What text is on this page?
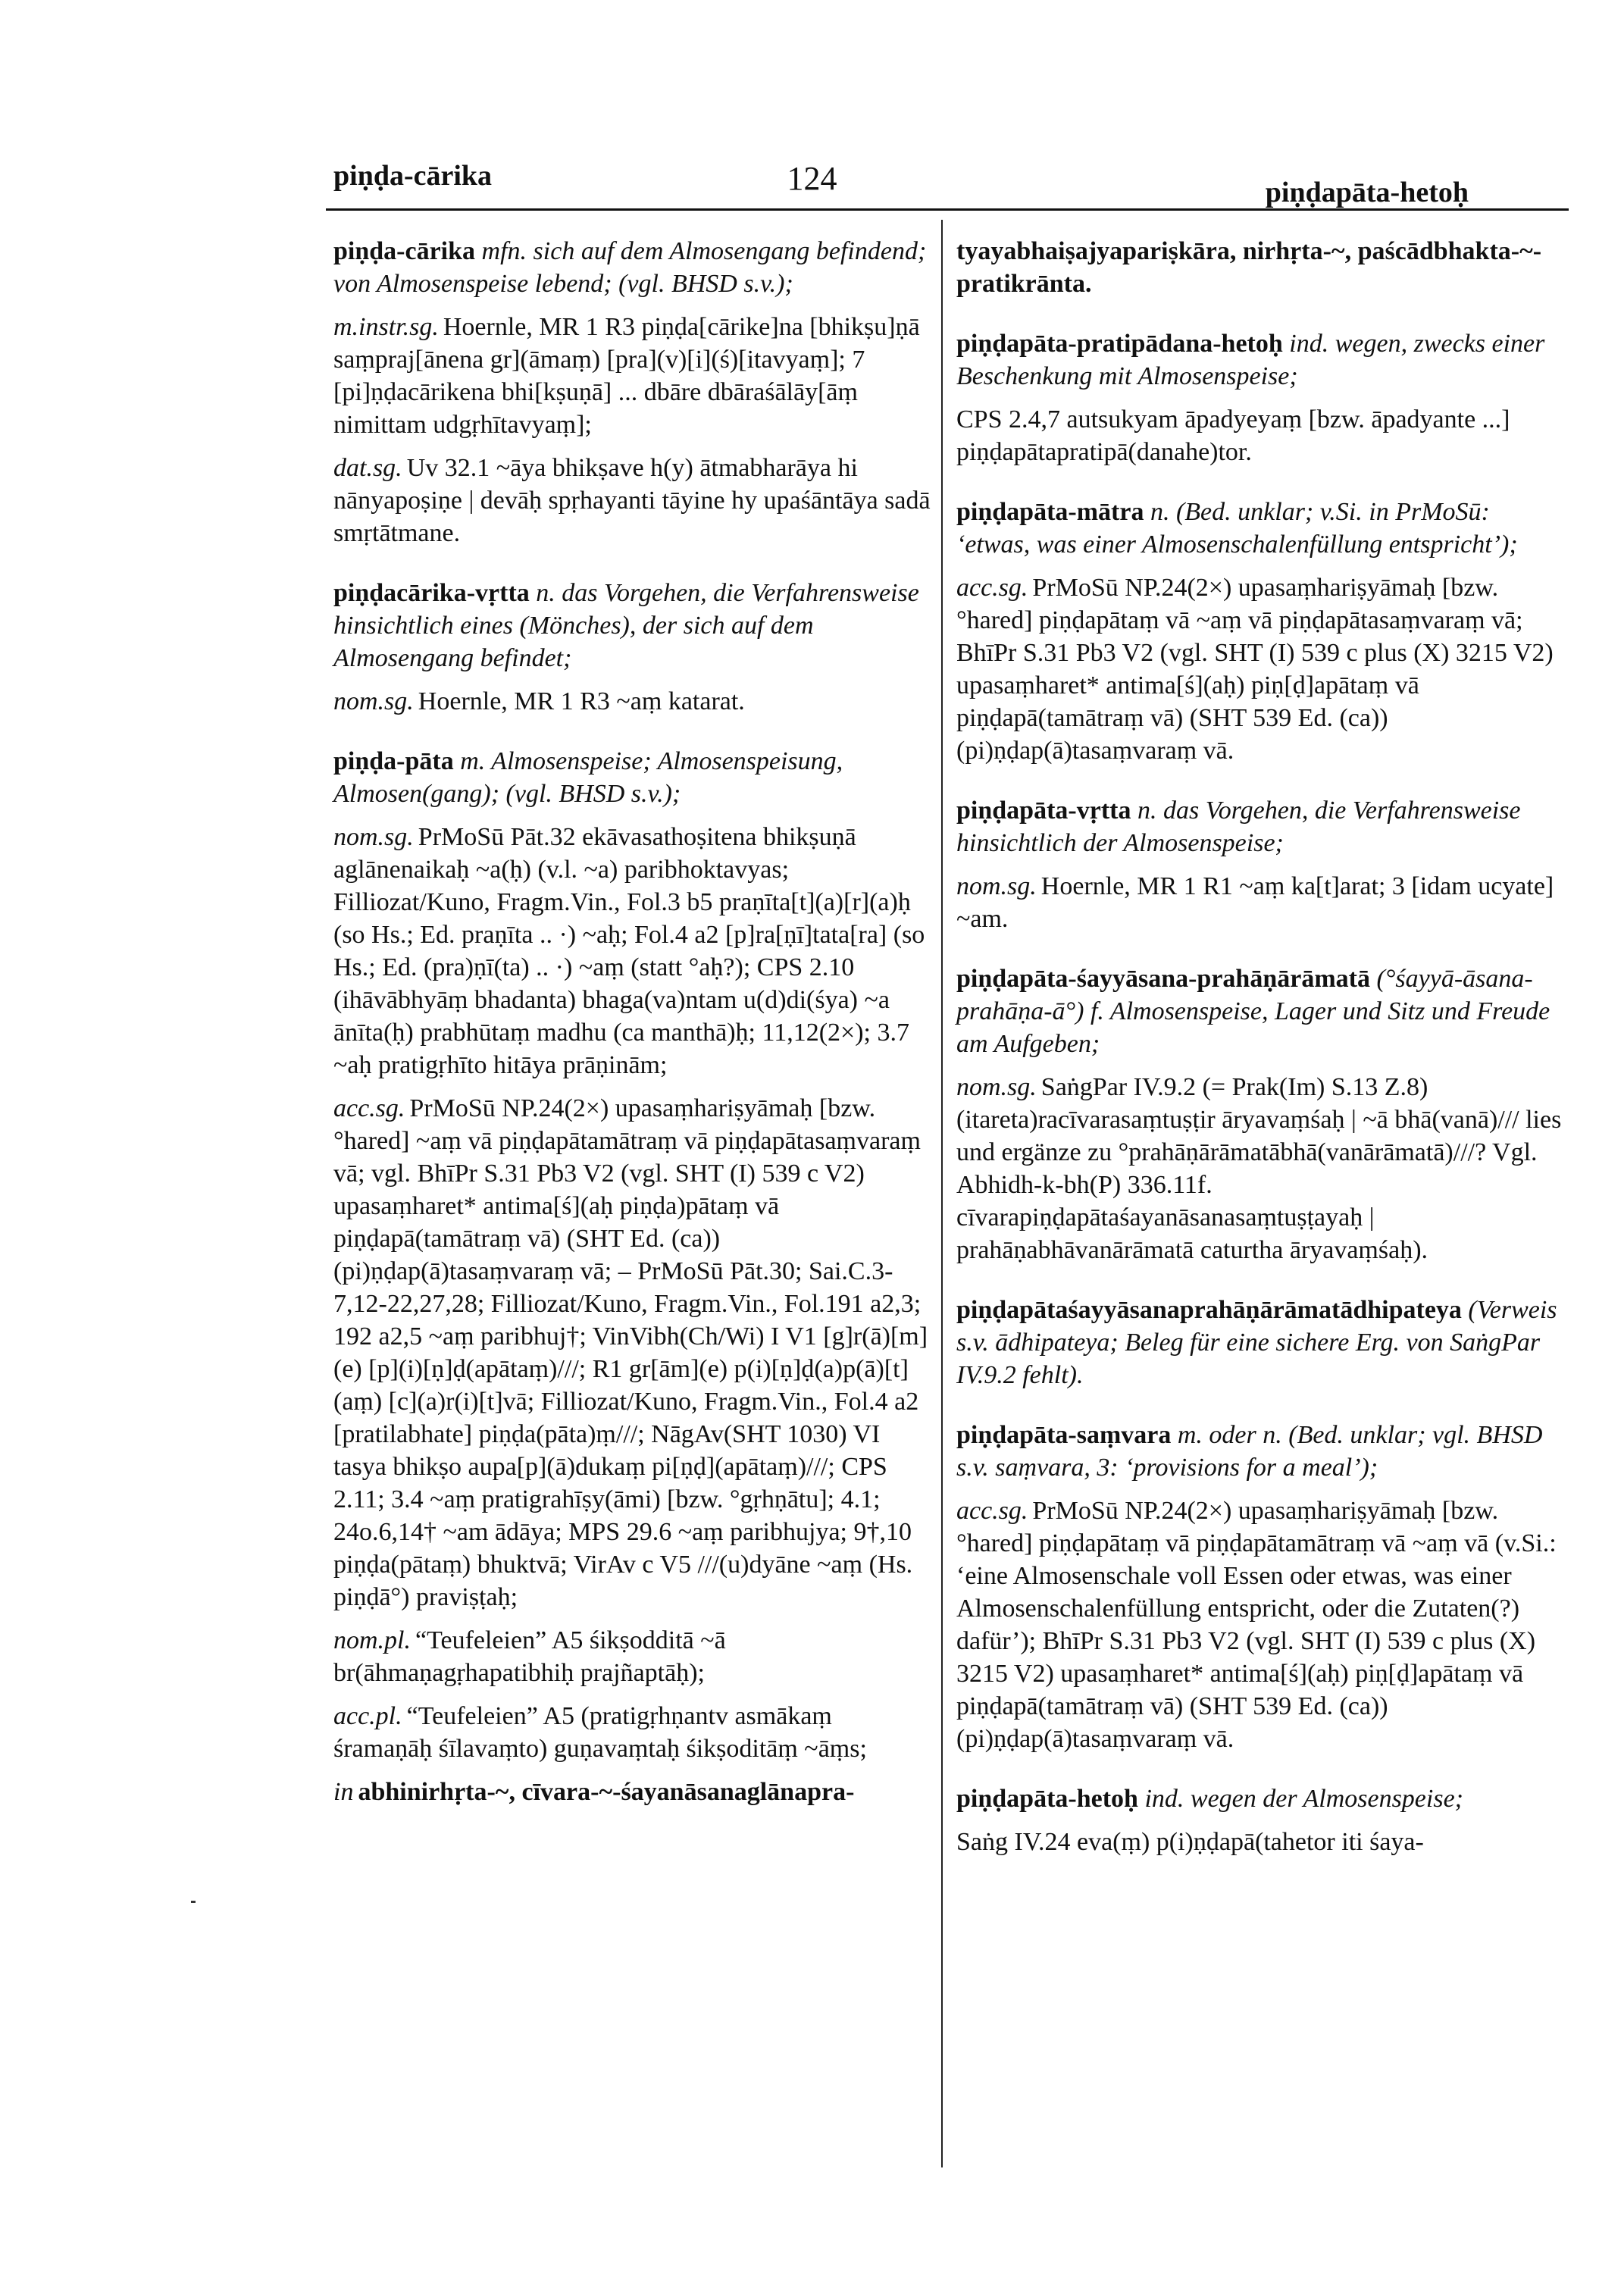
piṇḍa-cārika	124	piṇḍapāta-hetoḥ

piṇḍa-cārika mfn. sich auf dem Almosengang befindend; von Almosenspeise lebend; (vgl. BHSD s.v.);

m.instr.sg. Hoernle, MR 1 R3 piṇḍa[cārike]na [bhikṣu]ṇā saṃpraj[ānena gr](āmaṃ) [pra](v)[i](ś)[itavyaṃ]; 7 [pi]ṇḍacārikena bhi[kṣuṇā] ... dbāre dbāraśālāy[āṃ nimittam udgṛhītavyaṃ];

dat.sg. Uv 32.1 ~āya bhikṣave h(y) ātmabharāya hi nānyapoṣiṇe | devāḥ spṛhayanti tāyine hy upaśāntāya sadā smṛtātmane.

piṇḍacārika-vṛtta n. das Vorgehen, die Verfahrensweise hinsichtlich eines (Mönches), der sich auf dem Almosengang befindet;

nom.sg. Hoernle, MR 1 R3 ~aṃ katarat.

piṇḍa-pāta m. Almosenspeise; Almosenspeisung, Almosen(gang); (vgl. BHSD s.v.);

nom.sg. PrMoSū Pāt.32 ekāvasathoṣitena bhikṣuṇā aglānenaikaḥ ~a(ḥ) (v.l. ~a) paribhoktavyas; Filliozat/Kuno, Fragm.Vin., Fol.3 b5 praṇīta[t](a)[r](a)ḥ (so Hs.; Ed. praṇīta .. ·) ~aḥ; Fol.4 a2 [p]ra[ṇī]tata[ra] (so Hs.; Ed. (pra)ṇī(ta) .. ·) ~aṃ (statt °aḥ?); CPS 2.10 (ihāvābhyāṃ bhadanta) bhaga(va)ntam u(d)di(śya) ~a ānīta(ḥ) prabhūtaṃ madhu (ca manthā)ḥ; 11,12(2×); 3.7 ~aḥ pratigṛhīto hitāya prāṇinām;

acc.sg. PrMoSū NP.24(2×) upasaṃhariṣyāmaḥ [bzw. °hared] ~aṃ vā piṇḍapātamātraṃ vā piṇḍapātasaṃvaraṃ vā; vgl. BhīPr S.31 Pb3 V2 (vgl. SHT (I) 539 c V2) upasaṃharet* antima[ś](aḥ piṇḍa)pātaṃ vā piṇḍapā(tamātraṃ vā) (SHT Ed. (ca)) (pi)ṇḍap(ā)tasaṃvaraṃ vā; – PrMoSū Pāt.30; Sai.C.3-7,12-22,27,28; Filliozat/Kuno, Fragm.Vin., Fol.191 a2,3; 192 a2,5 ~aṃ paribhuj†; VinVibh(Ch/Wi) I V1 [g]r(ā)[m](e) [p](i)[ṇ]ḍ(apātaṃ)///; R1 gr[ām](e) p(i)[ṇ]ḍ(a)p(ā)[t](aṃ) [c](a)r(i)[t]vā; Filliozat/Kuno, Fragm.Vin., Fol.4 a2 [pratilabhate] piṇḍa(pāta)ṃ///; NāgAv(SHT 1030) VI tasya bhikṣo aupa[p](ā)dukaṃ pi[ṇḍ](apātaṃ)///; CPS 2.11; 3.4 ~aṃ pratigrahīṣy(āmi) [bzw. °gṛhṇātu]; 4.1; 24o.6,14† ~am ādāya; MPS 29.6 ~aṃ paribhujya; 9†,10 piṇḍa(pātaṃ) bhuktvā; VirAv c V5 ///(u)dyāne ~aṃ (Hs. piṇḍā°) praviṣṭaḥ;

nom.pl. “Teufeleien” A5 śikṣodditā ~ā br(āhmaṇagṛhapatibhiḥ prajñaptāḥ);

acc.pl. “Teufeleien” A5 (pratigṛhṇantv asmākaṃ śramaṇāḥ śīlavaṃto) guṇavaṃtaḥ śikṣoditāṃ ~āṃs;

in abhinirhṛta-~, cīvara-~-śayanāsanaglānapra-

tyayabhaiṣajyapariṣkāra, nirhṛta-~, paścādbhakta-~-pratikrānta.

piṇḍapāta-pratipādana-hetoḥ ind. wegen, zwecks einer Beschenkung mit Almosenspeise;

CPS 2.4,7 autsukyam āpadyeyaṃ [bzw. āpadyante ...] piṇḍapātapratipā(danahe)tor.

piṇḍapāta-mātra n. (Bed. unklar; v.Si. in PrMoSū: ‘etwas, was einer Almosenschalenfüllung entspricht’);

acc.sg. PrMoSū NP.24(2×) upasaṃhariṣyāmaḥ [bzw. °hared] piṇḍapātaṃ vā ~aṃ vā piṇḍapātasaṃvaraṃ vā; BhīPr S.31 Pb3 V2 (vgl. SHT (I) 539 c plus (X) 3215 V2) upasaṃharet* antima[ś](aḥ) piṇ[ḍ]apātaṃ vā piṇḍapā(tamātraṃ vā) (SHT 539 Ed. (ca)) (pi)ṇḍap(ā)tasaṃvaraṃ vā.

piṇḍapāta-vṛtta n. das Vorgehen, die Verfahrensweise hinsichtlich der Almosenspeise;

nom.sg. Hoernle, MR 1 R1 ~aṃ ka[t]arat; 3 [idam ucyate] ~am.

piṇḍapāta-śayyāsana-prahāṇārāmatā (°śayyā-āsana-prahāṇa-ā°) f. Almosenspeise, Lager und Sitz und Freude am Aufgeben;

nom.sg. SaṅgPar IV.9.2 (= Prak(Im) S.13 Z.8) (itareta)racīvarasaṃtuṣṭir āryavaṃśaḥ | ~ā bhā(vanā)/// lies und ergänze zu °prahāṇārāmatābhā(vanārāmatā)///? Vgl. Abhidh-k-bh(P) 336.11f. cīvarapiṇḍapātaśayanāsanasaṃtuṣṭayaḥ | prahāṇabhāvanārāmatā caturtha āryavaṃśaḥ).

piṇḍapātaśayyāsanaprahāṇārāmatādhipateya (Verweis s.v. ādhipateya; Beleg für eine sichere Erg. von SaṅgPar IV.9.2 fehlt).

piṇḍapāta-saṃvara m. oder n. (Bed. unklar; vgl. BHSD s.v. saṃvara, 3: ‘provisions for a meal’);

acc.sg. PrMoSū NP.24(2×) upasaṃhariṣyāmaḥ [bzw. °hared] piṇḍapātaṃ vā piṇḍapātamātraṃ vā ~aṃ vā (v.Si.: ‘eine Almosenschale voll Essen oder etwas, was einer Almosenschalenfüllung entspricht, oder die Zutaten(?) dafür’); BhīPr S.31 Pb3 V2 (vgl. SHT (I) 539 c plus (X) 3215 V2) upasaṃharet* antima[ś](aḥ) piṇ[ḍ]apātaṃ vā piṇḍapā(tamātraṃ vā) (SHT 539 Ed. (ca)) (pi)ṇḍap(ā)tasaṃvaraṃ vā.

piṇḍapāta-hetoḥ ind. wegen der Almosenspeise;

Saṅg IV.24 eva(ṃ) p(i)ṇḍapā(tahetor iti śaya-
